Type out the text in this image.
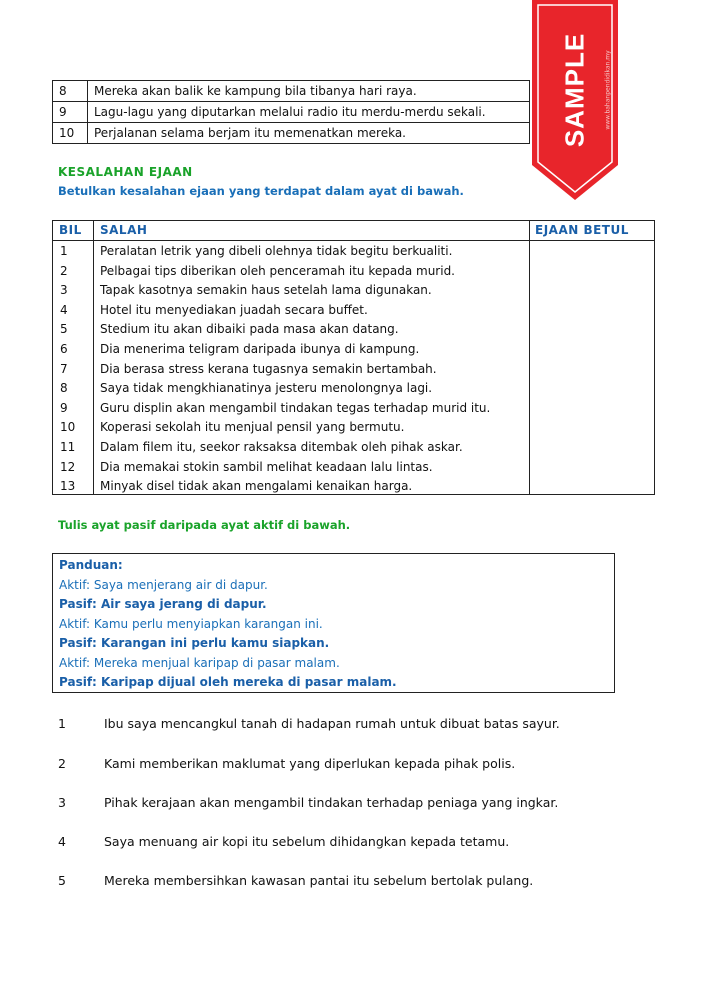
8	Mereka akan balik ke kampung bila tibanya hari raya.
9	Lagu-lagu yang diputarkan melalui radio itu merdu-merdu sekali.
10	Perjalanan selama berjam itu memenatkan mereka.	SAMPLE	www.bahanpendidikan.my
KESALAHAN EJAAN
Betulkan kesalahan ejaan yang terdapat dalam ayat di bawah.
BIL SALAH	EJAAN BETUL
1	Peralatan letrik yang dibeli olehnya tidak begitu berkualiti.
2	Pelbagai tips diberikan oleh penceramah itu kepada murid.
3	Tapak kasotnya semakin haus setelah lama digunakan.
4	Hotel itu menyediakan juadah secara buffet.
5	Stedium itu akan dibaiki pada masa akan datang.
6	Dia menerima teligram daripada ibunya di kampung.
7	Dia berasa stress kerana tugasnya semakin bertambah.
8	Saya tidak mengkhianatinya jesteru menolongnya lagi.
9	Guru displin akan mengambil tindakan tegas terhadap murid itu.
10 Koperasi sekolah itu menjual pensil yang bermutu.
11 Dalam filem itu, seekor raksaksa ditembak oleh pihak askar.
12 Dia memakai stokin sambil melihat keadaan lalu lintas.
13 Minyak disel tidak akan mengalami kenaikan harga.
Tulis ayat pasif daripada ayat aktif di bawah.
Panduan:
Aktif: Saya menjerang air di dapur.
Pasif: Air saya jerang di dapur.
Aktif: Kamu perlu menyiapkan karangan ini.
Pasif: Karangan ini perlu kamu siapkan.
Aktif: Mereka menjual karipap di pasar malam.
Pasif: Karipap dijual oleh mereka di pasar malam.
1	Ibu saya mencangkul tanah di hadapan rumah untuk dibuat batas sayur.
2	Kami memberikan maklumat yang diperlukan kepada pihak polis.
3	Pihak kerajaan akan mengambil tindakan terhadap peniaga yang ingkar.
4	Saya menuang air kopi itu sebelum dihidangkan kepada tetamu.
5	Mereka membersihkan kawasan pantai itu sebelum bertolak pulang.
